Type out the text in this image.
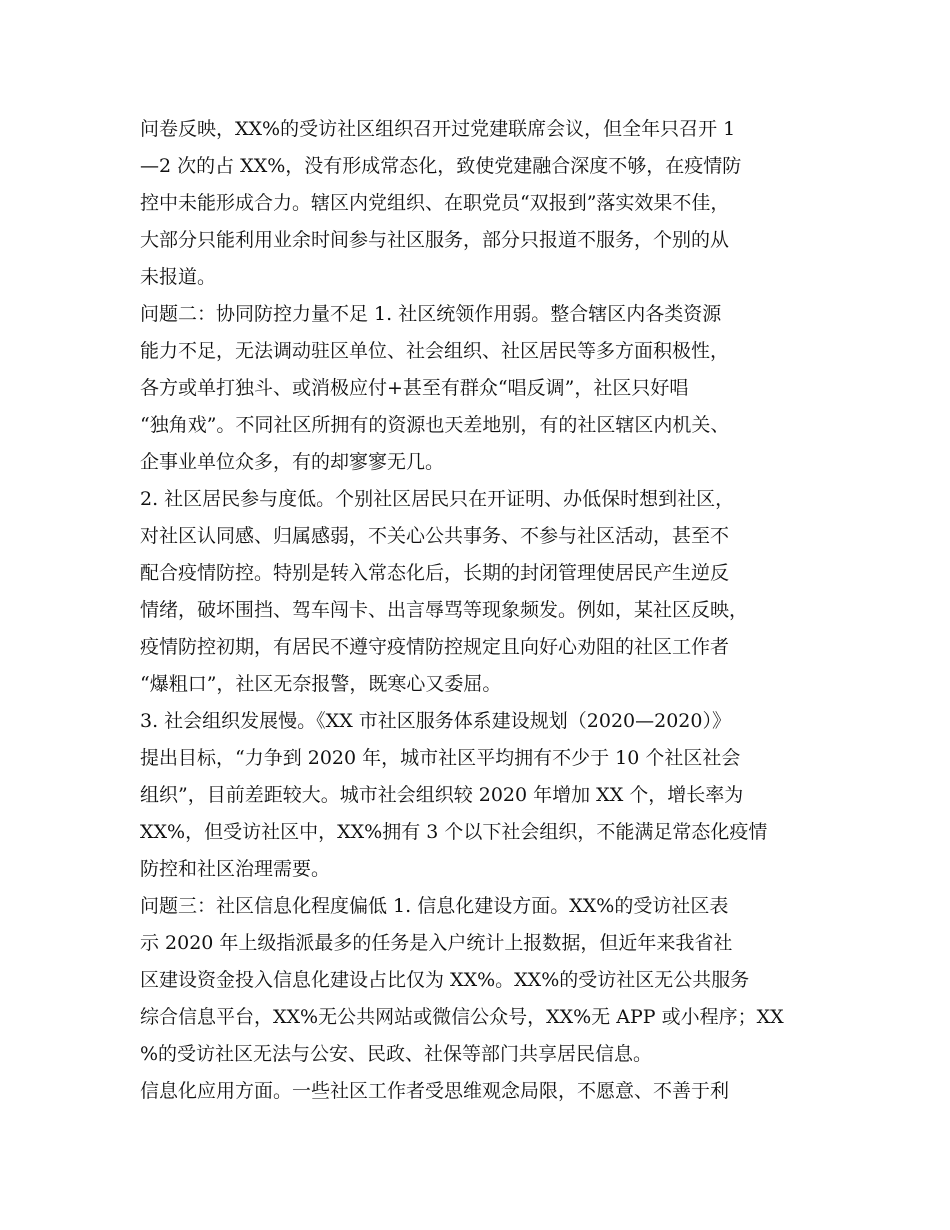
问卷反映，XX%的受访社区组织召开过党建联席会议，但全年只召开 1
—2 次的占 XX%，没有形成常态化，致使党建融合深度不够，在疫情防
控中未能形成合力。辖区内党组织、在职党员“双报到”落实效果不佳，
大部分只能利用业余时间参与社区服务，部分只报道不服务，个别的从
未报道。
问题二：协同防控力量不足 1. 社区统领作用弱。整合辖区内各类资源
能力不足，无法调动驻区单位、社会组织、社区居民等多方面积极性，
各方或单打独斗、或消极应付+甚至有群众“唱反调”，社区只好唱
“独角戏”。不同社区所拥有的资源也天差地别，有的社区辖区内机关、
企事业单位众多，有的却寥寥无几。
2. 社区居民参与度低。个别社区居民只在开证明、办低保时想到社区，
对社区认同感、归属感弱，不关心公共事务、不参与社区活动，甚至不
配合疫情防控。特别是转入常态化后，长期的封闭管理使居民产生逆反
情绪，破坏围挡、驾车闯卡、出言辱骂等现象频发。例如，某社区反映，
疫情防控初期，有居民不遵守疫情防控规定且向好心劝阻的社区工作者
“爆粗口”，社区无奈报警，既寒心又委屈。
3. 社会组织发展慢。《XX 市社区服务体系建设规划（2020—2020）》
提出目标，“力争到 2020 年，城市社区平均拥有不少于 10 个社区社会
组织”，目前差距较大。城市社会组织较 2020 年增加 XX 个，增长率为
XX%，但受访社区中，XX%拥有 3 个以下社会组织，不能满足常态化疫情
防控和社区治理需要。
问题三：社区信息化程度偏低 1. 信息化建设方面。XX%的受访社区表
示 2020 年上级指派最多的任务是入户统计上报数据，但近年来我省社
区建设资金投入信息化建设占比仅为 XX%。XX%的受访社区无公共服务
综合信息平台，XX%无公共网站或微信公众号，XX%无 APP 或小程序；XX
%的受访社区无法与公安、民政、社保等部门共享居民信息。
信息化应用方面。一些社区工作者受思维观念局限，不愿意、不善于利
